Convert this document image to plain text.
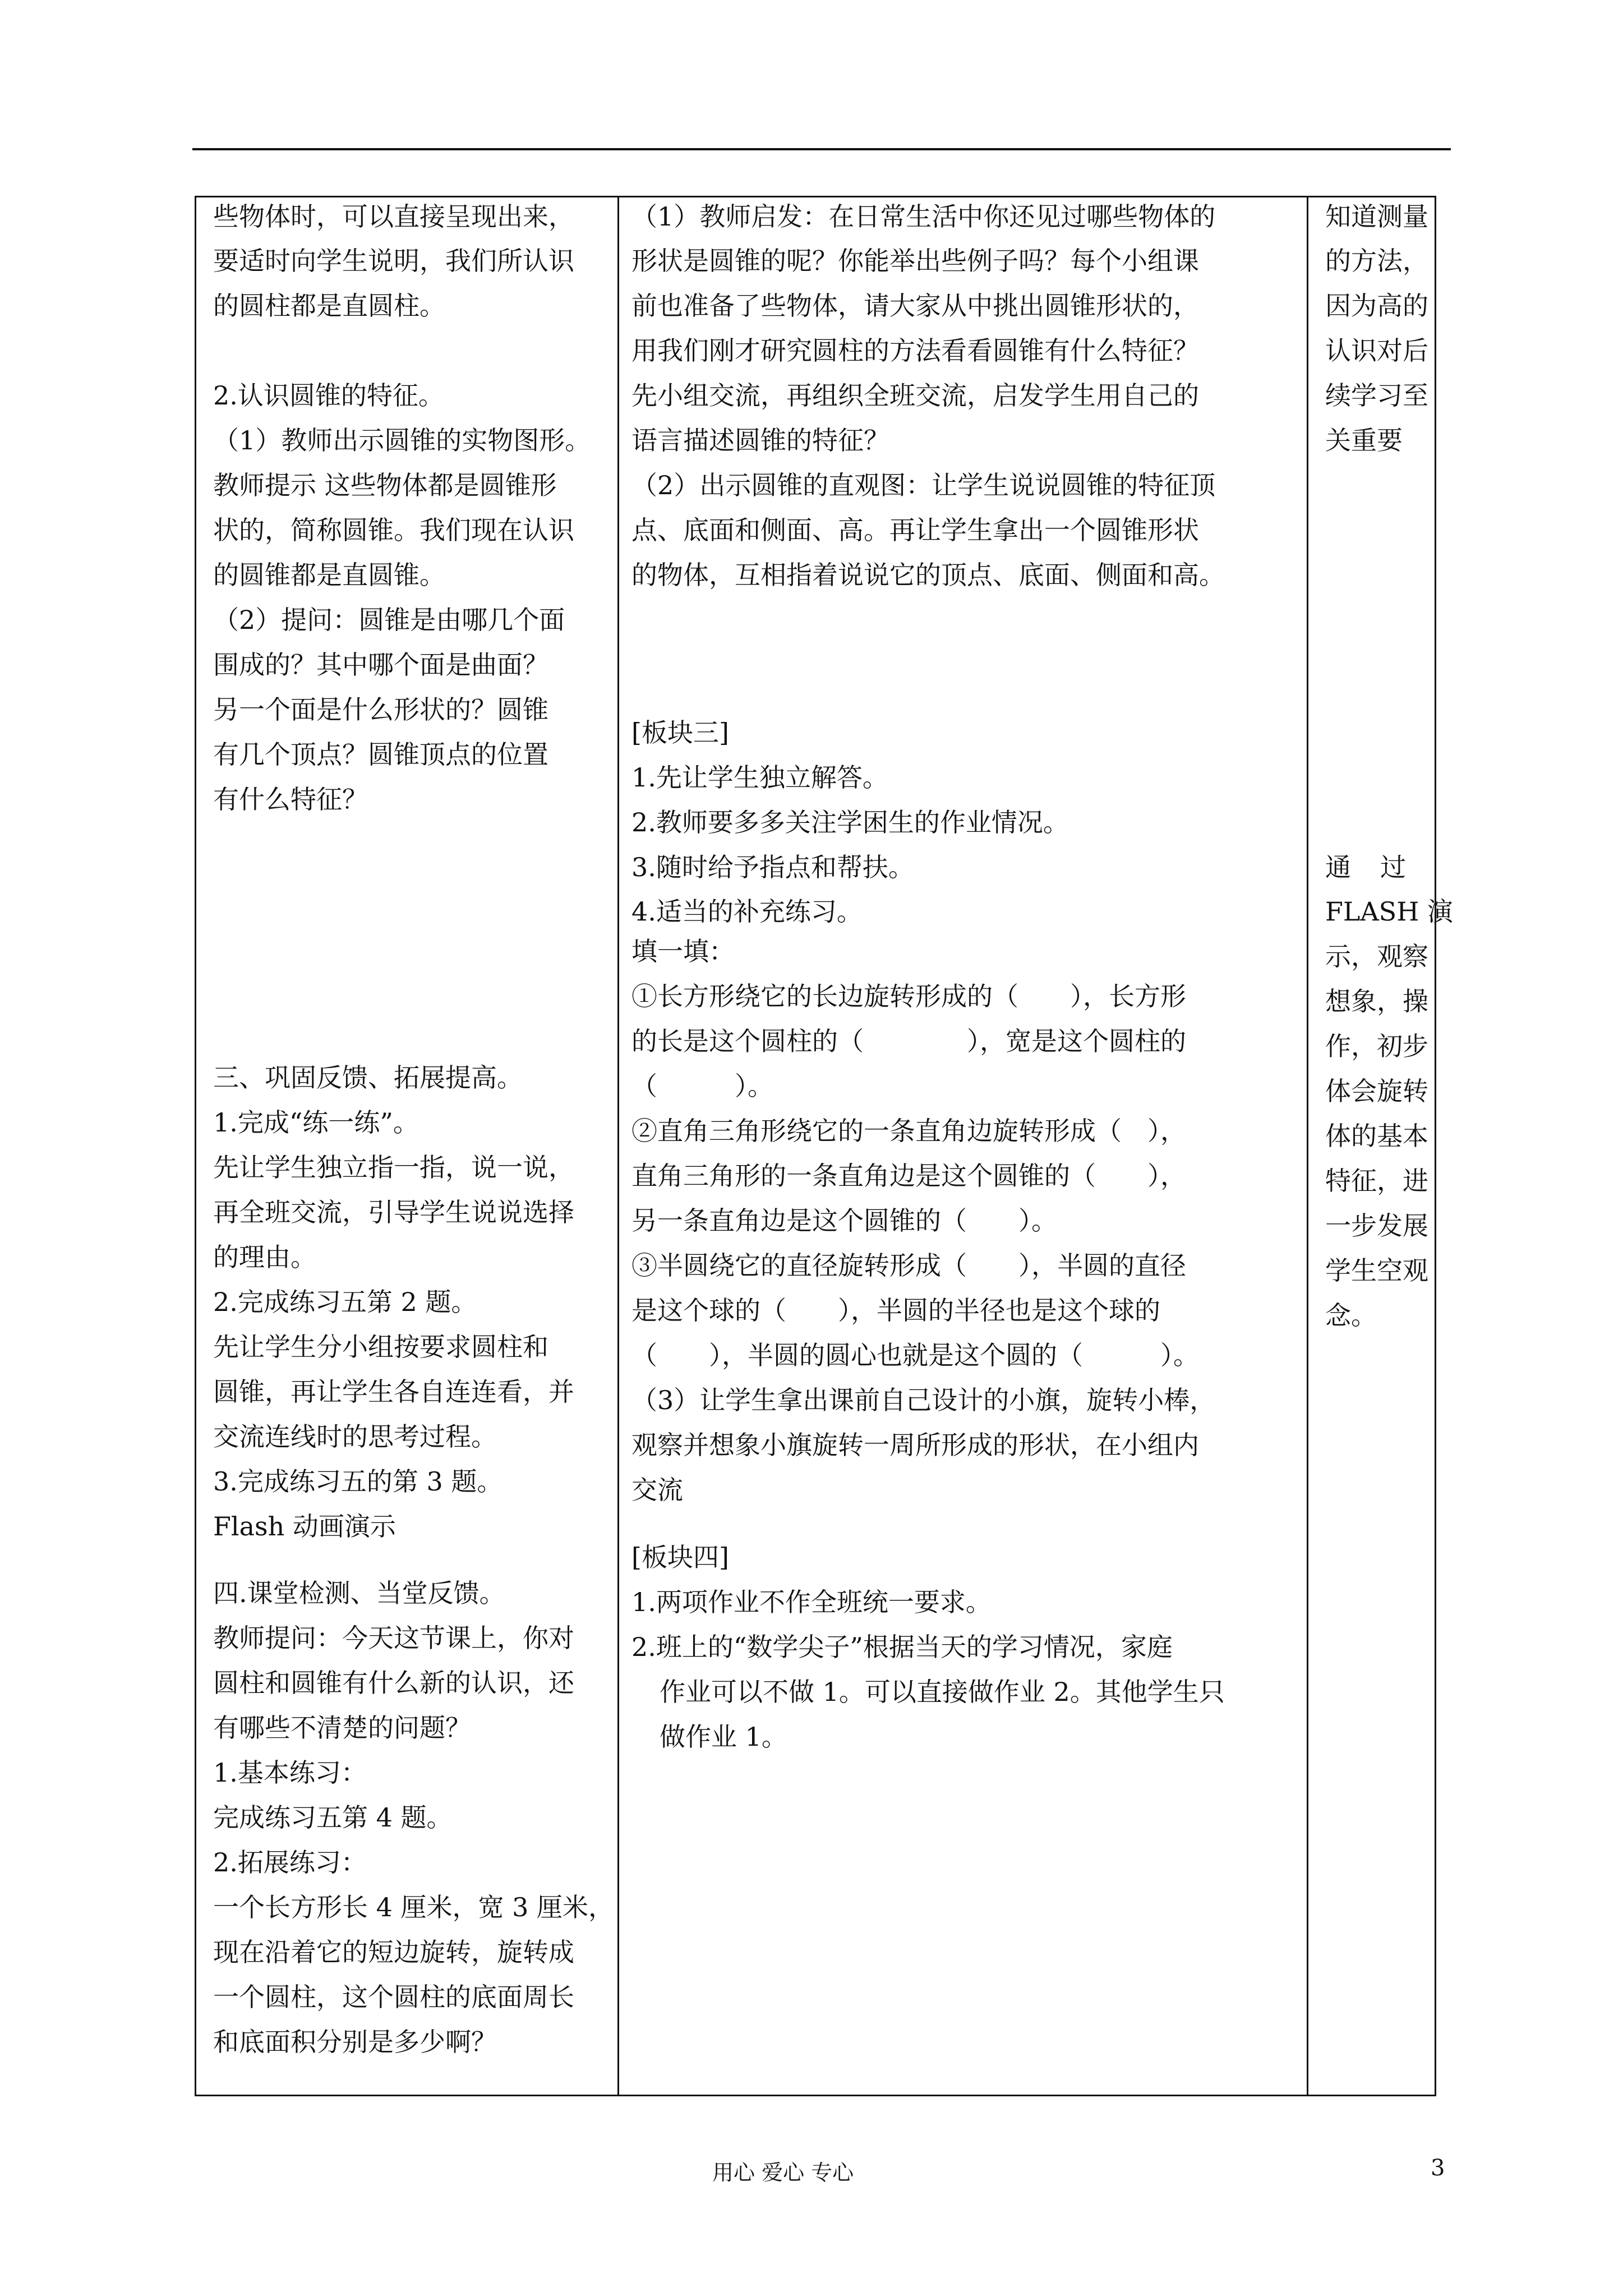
些物体时，可以直接呈现出来，
要适时向学生说明，我们所认识
的圆柱都是直圆柱。
2.认识圆锥的特征。
（1）教师出示圆锥的实物图形。
教师提示 这些物体都是圆锥形
状的，简称圆锥。我们现在认识
的圆锥都是直圆锥。
（2）提问：圆锥是由哪几个面
围成的？其中哪个面是曲面？
另一个面是什么形状的？圆锥
有几个顶点？圆锥顶点的位置
有什么特征？
三、巩固反馈、拓展提高。
1.完成“练一练”。
先让学生独立指一指，说一说，
再全班交流，引导学生说说选择
的理由。
2.完成练习五第 2 题。
先让学生分小组按要求圆柱和
圆锥，再让学生各自连连看，并
交流连线时的思考过程。
3.完成练习五的第 3 题。
Flash 动画演示
四.课堂检测、当堂反馈。
教师提问：今天这节课上，你对
圆柱和圆锥有什么新的认识，还
有哪些不清楚的问题？
1.基本练习：
完成练习五第 4 题。
2.拓展练习：
一个长方形长 4 厘米，宽 3 厘米，
现在沿着它的短边旋转，旋转成
一个圆柱，这个圆柱的底面周长
和底面积分别是多少啊？
（1）教师启发：在日常生活中你还见过哪些物体的
形状是圆锥的呢？你能举出些例子吗？每个小组课
前也准备了些物体，请大家从中挑出圆锥形状的，
用我们刚才研究圆柱的方法看看圆锥有什么特征？
先小组交流，再组织全班交流，启发学生用自己的
语言描述圆锥的特征？
（2）出示圆锥的直观图：让学生说说圆锥的特征顶
点、底面和侧面、高。再让学生拿出一个圆锥形状
的物体，互相指着说说它的顶点、底面、侧面和高。
[板块三]
1.先让学生独立解答。
2.教师要多多关注学困生的作业情况。
3.随时给予指点和帮扶。
4.适当的补充练习。
填一填：
①长方形绕它的长边旋转形成的（　　），长方形
的长是这个圆柱的（　　　　），宽是这个圆柱的
（　　　）。
②直角三角形绕它的一条直角边旋转形成（　），
直角三角形的一条直角边是这个圆锥的（　　），
另一条直角边是这个圆锥的（　　）。
③半圆绕它的直径旋转形成（　　），半圆的直径
是这个球的（　　），半圆的半径也是这个球的
（　　），半圆的圆心也就是这个圆的（　　　）。
（3）让学生拿出课前自己设计的小旗，旋转小棒，
观察并想象小旗旋转一周所形成的形状，在小组内
交流
[板块四]
1.两项作业不作全班统一要求。
2.班上的“数学尖子”根据当天的学习情况，家庭
作业可以不做 1。可以直接做作业 2。其他学生只
做作业 1。
知道测量
的方法，
因为高的
认识对后
续学习至
关重要
通过
FLASH 演
示，观察
想象，操
作，初步
体会旋转
体的基本
特征，进
一步发展
学生空观
念。
用心 爱心 专心	3
